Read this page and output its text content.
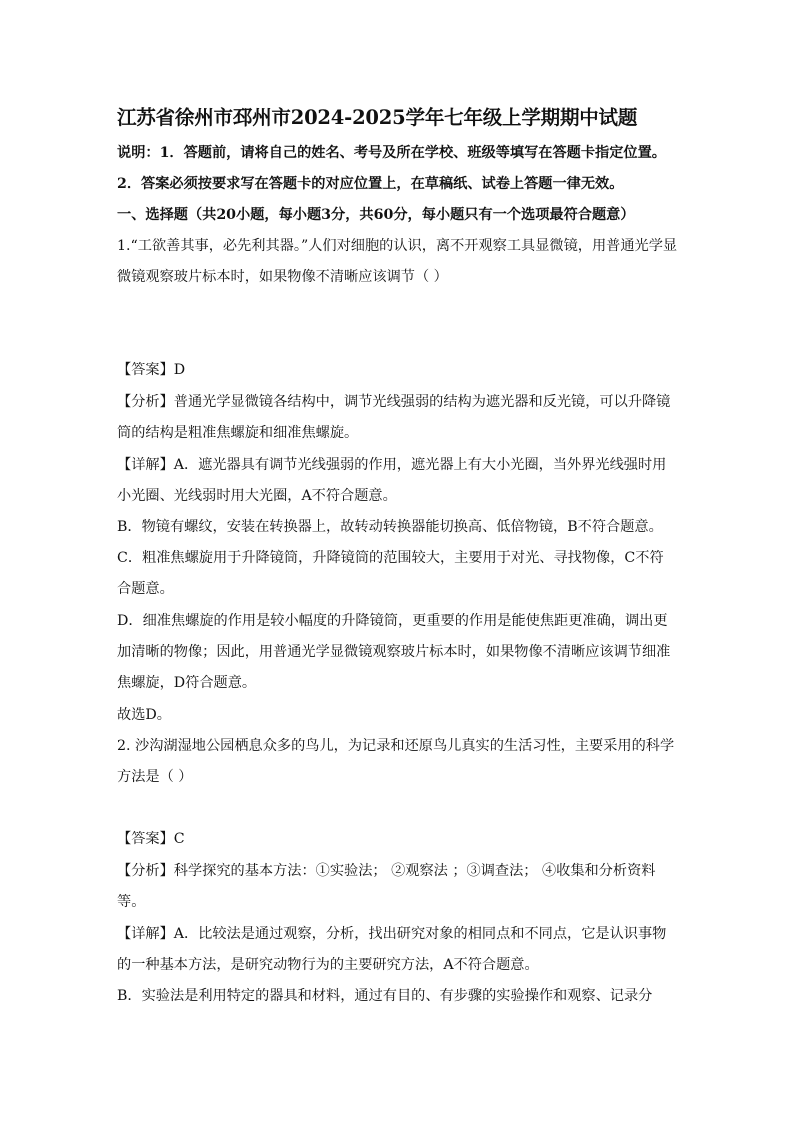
江苏省徐州市邳州市2024-2025学年七年级上学期期中试题
说明：1．答题前，请将自己的姓名、考号及所在学校、班级等填写在答题卡指定位置。
2．答案必须按要求写在答题卡的对应位置上，在草稿纸、试卷上答题一律无效。
一、选择题（共20小题，每小题3分，共60分，每小题只有一个选项最符合题意）
1.“工欲善其事，必先利其器。”人们对细胞的认识，离不开观察工具显微镜，用普通光学显
微镜观察玻片标本时，如果物像不清晰应该调节（ ）
【答案】D
【分析】普通光学显微镜各结构中，调节光线强弱的结构为遮光器和反光镜，可以升降镜
筒的结构是粗准焦螺旋和细准焦螺旋。
【详解】A．遮光器具有调节光线强弱的作用，遮光器上有大小光圈，当外界光线强时用
小光圈、光线弱时用大光圈，A不符合题意。
B．物镜有螺纹，安装在转换器上，故转动转换器能切换高、低倍物镜，B不符合题意。
C．粗准焦螺旋用于升降镜筒，升降镜筒的范围较大，主要用于对光、寻找物像，C不符
合题意。
D．细准焦螺旋的作用是较小幅度的升降镜筒，更重要的作用是能使焦距更准确，调出更
加清晰的物像；因此，用普通光学显微镜观察玻片标本时，如果物像不清晰应该调节细准
焦螺旋，D符合题意。
故选D。
2. 沙沟湖湿地公园栖息众多的鸟儿，为记录和还原鸟儿真实的生活习性，主要采用的科学
方法是（ ）
【答案】C
【分析】科学探究的基本方法：①实验法； ②观察法 ；③调查法； ④收集和分析资料
等。
【详解】A．比较法是通过观察，分析，找出研究对象的相同点和不同点，它是认识事物
的一种基本方法，是研究动物行为的主要研究方法，A不符合题意。
B．实验法是利用特定的器具和材料，通过有目的、有步骤的实验操作和观察、记录分
